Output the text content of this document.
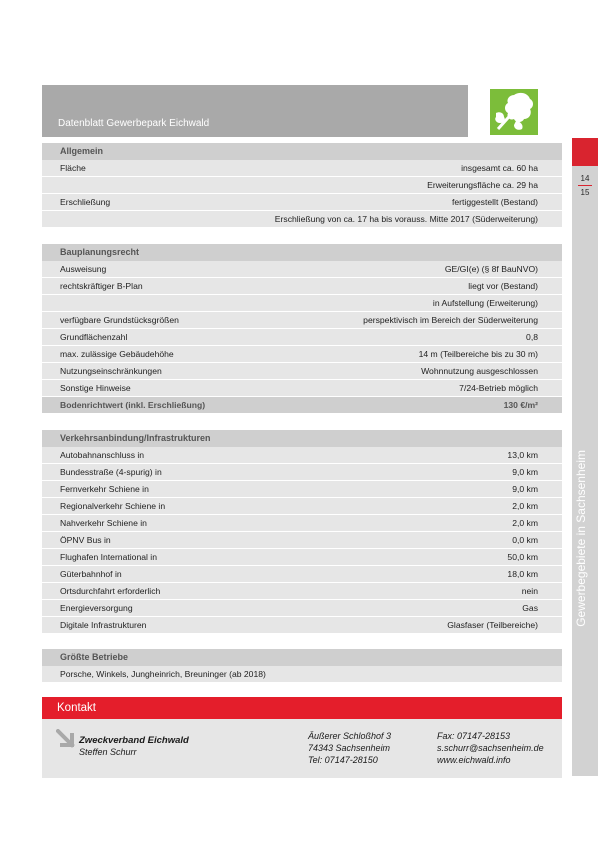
Datenblatt Gewerbepark Eichwald
14
15
Gewerbegebiete in Sachsenheim
Allgemein
Fläche	insgesamt ca. 60 ha
Erweiterungsfläche ca. 29 ha
Erschließung	fertiggestellt (Bestand)
Erschließung von ca. 17 ha bis vorauss. Mitte 2017 (Süderweiterung)
Bauplanungsrecht
Ausweisung	GE/GI(e) (§ 8f BauNVO)
rechtskräftiger B-Plan	liegt vor (Bestand)
in Aufstellung (Erweiterung)
verfügbare Grundstücksgrößen	perspektivisch im Bereich der Süderweiterung
Grundflächenzahl	0,8
max. zulässige Gebäudehöhe	14 m (Teilbereiche bis zu 30 m)
Nutzungseinschränkungen	Wohnnutzung ausgeschlossen
Sonstige Hinweise	7/24-Betrieb möglich
Bodenrichtwert (inkl. Erschließung)	130 €/m²
Verkehrsanbindung/Infrastrukturen
Autobahnanschluss in	13,0 km
Bundesstraße (4-spurig) in	9,0 km
Fernverkehr Schiene in	9,0 km
Regionalverkehr Schiene in	2,0 km
Nahverkehr Schiene in	2,0 km
ÖPNV Bus in	0,0 km
Flughafen International in	50,0 km
Güterbahnhof in	18,0 km
Ortsdurchfahrt erforderlich	nein
Energieversorgung	Gas
Digitale Infrastrukturen	Glasfaser (Teilbereiche)
Größte Betriebe
Porsche, Winkels, Jungheinrich, Breuninger (ab 2018)
Kontakt
Zweckverband Eichwald
Steffen Schurr
Äußerer Schloßhof 3
74343 Sachsenheim
Tel: 07147-28150
Fax: 07147-28153
s.schurr@sachsenheim.de
www.eichwald.info
